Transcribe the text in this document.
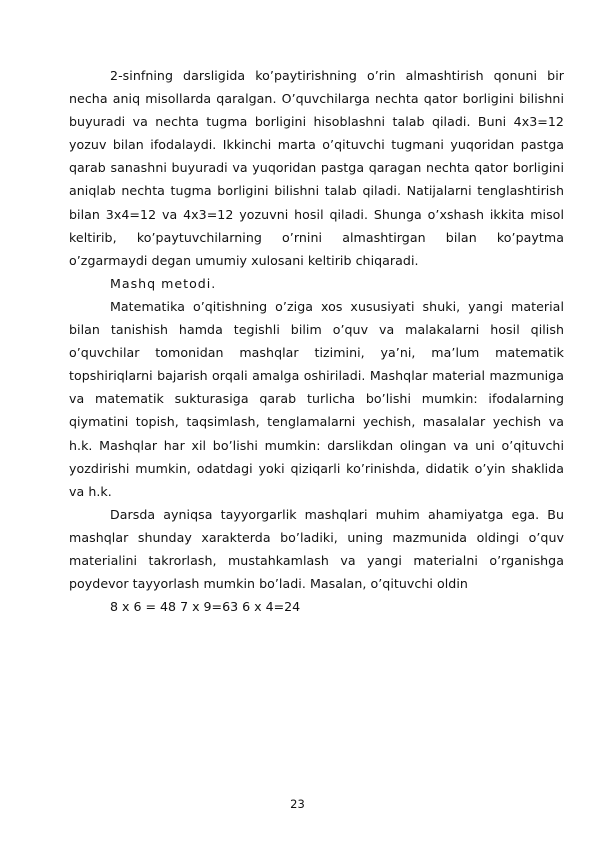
2-sinfning darsligida ko’paytirishning o’rin almashtirish qonuni bir necha aniq misollarda qaralgan. O’quvchilarga nechta qator borligini bilishni buyuradi va nechta tugma borligini hisoblashni talab qiladi. Buni 4x3=12 yozuv bilan ifodalaydi. Ikkinchi marta o’qituvchi tugmani yuqoridan pastga qarab sanashni buyuradi va yuqoridan pastga qaragan nechta qator borligini aniqlab nechta tugma borligini bilishni talab qiladi. Natijalarni tenglashtirish bilan 3x4=12 va 4x3=12 yozuvni hosil qiladi. Shunga o’xshash ikkita misol keltirib, ko’paytuvchilarning o’rnini almashtirgan bilan ko’paytma o’zgarmaydi degan umumiy xulosani keltirib chiqaradi.

Mashq metodi.

Matematika o’qitishning o’ziga xos xususiyati shuki, yangi material bilan tanishish hamda tegishli bilim o’quv va malakalarni hosil qilish o’quvchilar tomonidan mashqlar tizimini, ya’ni, ma’lum matematik topshiriqlarni bajarish orqali amalga oshiriladi. Mashqlar material mazmuniga va matematik sukturasiga qarab turlicha bo’lishi mumkin: ifodalarning qiymatini topish, taqsimlash, tenglamalarni yechish, masalalar yechish va h.k. Mashqlar har xil bo’lishi mumkin: darslikdan olingan va uni o’qituvchi yozdirishi mumkin, odatdagi yoki qiziqarli ko’rinishda, didatik o’yin shaklida va h.k.

Darsda ayniqsa tayyorgarlik mashqlari muhim ahamiyatga ega. Bu mashqlar shunday xarakterda bo’ladiki, uning mazmunida oldingi o’quv materialini takrorlash, mustahkamlash va yangi materialni o’rganishga poydevor tayyorlash mumkin bo’ladi. Masalan, o’qituvchi oldin

8 x 6 = 48 7 x 9=63 6 x 4=24

23
